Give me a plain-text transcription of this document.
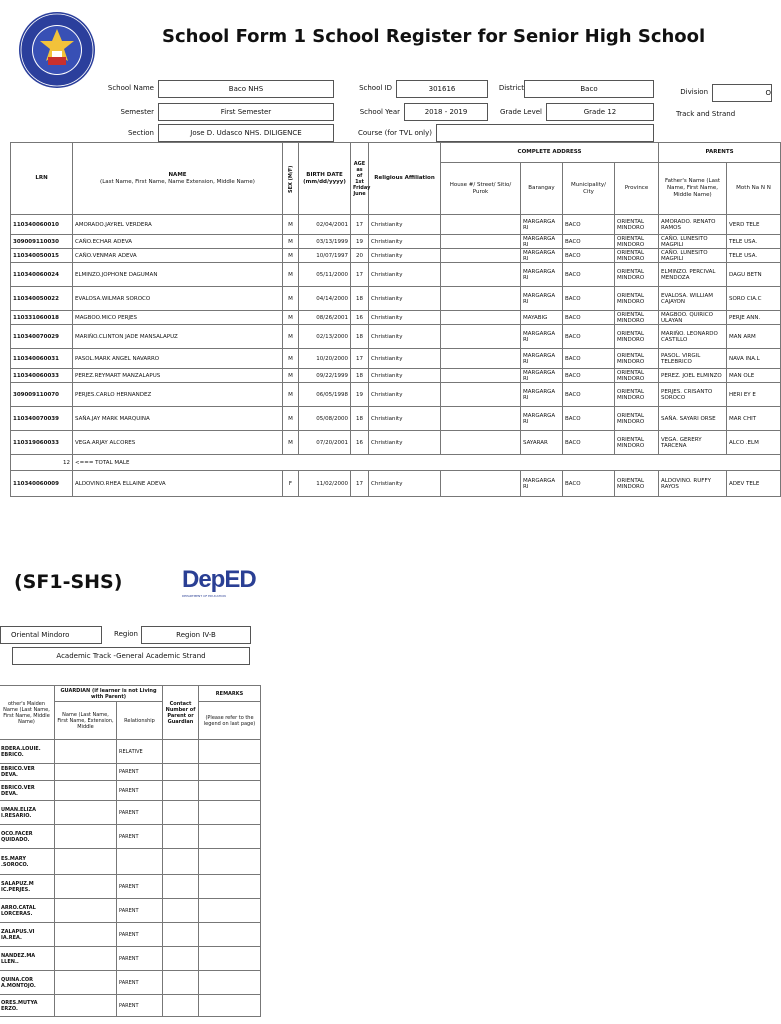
School Form 1 School Register for Senior High School
School Name	Baco NHS	School ID	301616	District	Baco	Division	O
Semester	First Semester	School Year	2018 - 2019	Grade Level	Grade 12	Track and Strand
Section	Jose D. Udasco NHS. DILIGENCE	Course (for TVL only)
LRN	NAME
(Last Name, First Name, Name Extension, Middle Name)	SEX (M/F)	BIRTH DATE (mm/dd/yyyy)	AGE as of 1st Friday June	Religious Affiliation	COMPLETE ADDRESS				PARENTS	
						House #/ Street/ Sitio/ Purok	Barangay	Municipality/ City	Province	Father's Name (Last Name, First Name, Middle Name)	Moth Na N N
110340060010	AMORADO.JAYREL VERDERA	M	02/04/2001	17	Christianity		MARGARGA RI	BACO	ORIENTAL MINDORO	AMORADO. RENATO RAMOS	VERD TELE
309009110030	CAÑO.ECHAR ADEVA	M	03/13/1999	19	Christianity		MARGARGA RI	BACO	ORIENTAL MINDORO	CAÑO. LUNESITO MAGPILI	TELE USA.
110340050015	CAÑO.VENMAR ADEVA	M	10/07/1997	20	Christianity		MARGARGA RI	BACO	ORIENTAL MINDORO	CAÑO. LUNESITO MAGPILI	TELE USA.
110340060024	ELMINZO.JOPHONE DAGUMAN	M	05/11/2000	17	Christianity		MARGARGA RI	BACO	ORIENTAL MINDORO	ELMINZO. PERCIVAL MENDOZA	DAGU BETN
110340050022	EVALOSA.WILMAR SOROCO	M	04/14/2000	18	Christianity		MARGARGA RI	BACO	ORIENTAL MINDORO	EVALOSA. WILLIAM CAJAYON	SORO CIA.C
110331060018	MAGBOO.MICO PERJES	M	08/26/2001	16	Christianity		MAYABIG	BACO	ORIENTAL MINDORO	MAGBOO. QUIRICO ULAYAN	PERJE ANN.
110340070029	MARIÑO.CLINTON JADE MANSALAPUZ	M	02/13/2000	18	Christianity		MARGARGA RI	BACO	ORIENTAL MINDORO	MARIÑO. LEONARDO CASTILLO	MAN ARM
110340060031	PASOL.MARK ANGEL NAVARRO	M	10/20/2000	17	Christianity		MARGARGA RI	BACO	ORIENTAL MINDORO	PASOL. VIRGIL TELEBRICO	NAVA INA.L
110340060033	PEREZ.REYMART MANZALAPUS	M	09/22/1999	18	Christianity		MARGARGA RI	BACO	ORIENTAL MINDORO	PEREZ. JOEL ELMINZO	MAN OLE
309009110070	PERJES.CARLO HERNANDEZ	M	06/05/1998	19	Christianity		MARGARGA RI	BACO	ORIENTAL MINDORO	PERJES. CRISANTO SOROCO	HERI EY E
110340070039	SAÑA.JAY MARK MARQUINA	M	05/08/2000	18	Christianity		MARGARGA RI	BACO	ORIENTAL MINDORO	SAÑA. SAYARI ORSE	MAR CHIT
110319060033	VEGA.ARJAY ALCORES	M	07/20/2001	16	Christianity		SAYARAR	BACO	ORIENTAL MINDORO	VEGA. GERERY TARCENA	ALCO .ELM
12	<=== TOTAL MALE										
110340060009	ALDOVINO.RHEA ELLAINE ADEVA	F	11/02/2000	17	Christianity		MARGARGA RI	BACO	ORIENTAL MINDORO	ALDOVINO. RUFFY RAYOS	ADEV TELE
(SF1-SHS) DepED
DEPARTMENT OF EDUCATION
Oriental Mindoro	Region	Region IV-B
Academic Track -General Academic Strand
other's Maiden Name (Last Name, First Name, Middle Name)	GUARDIAN (if learner is not Living with Parent)		Contact Number of Parent or Guardian	REMARKS
	Name (Last Name, First Name, Extension, Middle	Relationship		(Please refer to the legend on last page)
RDERA.LOUIE. EBRICO.		RELATIVE		
EBRICO.VER DEVA.		PARENT		
EBRICO.VER DEVA.		PARENT		
UMAN.ELIZA I.RESARIO.		PARENT		
OCO.FACER QUIDADO.		PARENT		
ES.MARY .SOROCO.				
SALAPUZ.M IC.PERJES.		PARENT		
ARRO.CATAL LORCERAS.		PARENT		
ZALAPUS.VI IA.REA.		PARENT		
NANDEZ.MA LLEN..		PARENT		
QUINA.COR A.MONTOJO.		PARENT		
ORES.MUTYA ERZO.		PARENT		
